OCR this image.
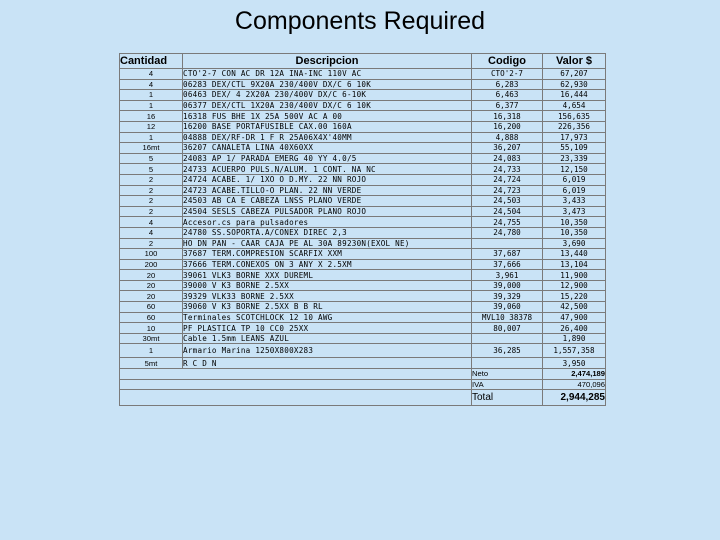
Components Required
Cantidad	Descripcion	Codigo	Valor $
4	CTO'2-7 CON AC DR 12A INA-INC 110V AC	CTO'2-7	67,207
4	06283 DEX/CTL 9X20A 230/400V DX/C 6 10K	6,283	62,930
1	06463 DEX/ 4 2X20A 230/400V DX/C 6-10K	6,463	16,444
1	06377 DEX/CTL 1X20A 230/400V DX/C 6 10K	6,377	4,654
16	16318 FUS BHE 1X 25A 500V AC A 00	16,318	156,635
12	16200 BASE PORTAFUSIBLE CAX.00 160A	16,200	226,356
1	04888 DEX/RF-DR 1 F R 25A06X4X'40MM	4,888	17,973
16mt	36207 CANALETA LINA 40X60XX	36,207	55,109
5	24083 AP 1/ PARADA EMERG 40 YY 4.0/5	24,083	23,339
5	24733 ACUERPO PULS.N/ALUM. 1 CONT. NA NC	24,733	12,150
2	24724 ACABE. 1/ 1XO O D.MY. 22 NN ROJO	24,724	6,019
2	24723 ACABE.TILLO-O PLAN. 22 NN VERDE	24,723	6,019
2	24503 AB CA E CABEZA LNSS PLANO VERDE	24,503	3,433
2	24504 SESLS CABEZA PULSADOR PLANO ROJO	24,504	3,473
4	Accesor.cs para pulsadores	24,755	10,350
4	24780 SS.SOPORTA.A/CONEX DIREC 2,3	24,780	10,350
2	HO DN PAN - CAAR CAJA PE AL 30A 89230N(EXOL NE)		3,690
100	37687 TERM.COMPRESION SCARFIX XXM	37,687	13,440
200	37666 TERM.CONEXOS ON 3 ANY X 2.5XM	37,666	13,104
20	39061 VLK3 BORNE XXX DUREML	3,961	11,900
20	39000 V K3 BORNE 2.5XX	39,000	12,900
20	39329 VLK33 BORNE 2.5XX	39,329	15,220
60	39060 V K3 BORNE 2.5XX B B RL	39,060	42,500
60	Terminales SCOTCHLOCK 12 10 AWG	MVL10 38378	47,900
10	PF PLASTICA TP 10 CC0 25XX	80,007	26,400
30mt	Cable 1.5mm LEANS AZUL		1,890
1	Armario Marina 1250X800X283	36,285	1,557,358
5mt	R C D N		3,950
		Neto	2,474,189
		IVA	470,096
		Total	2,944,285
